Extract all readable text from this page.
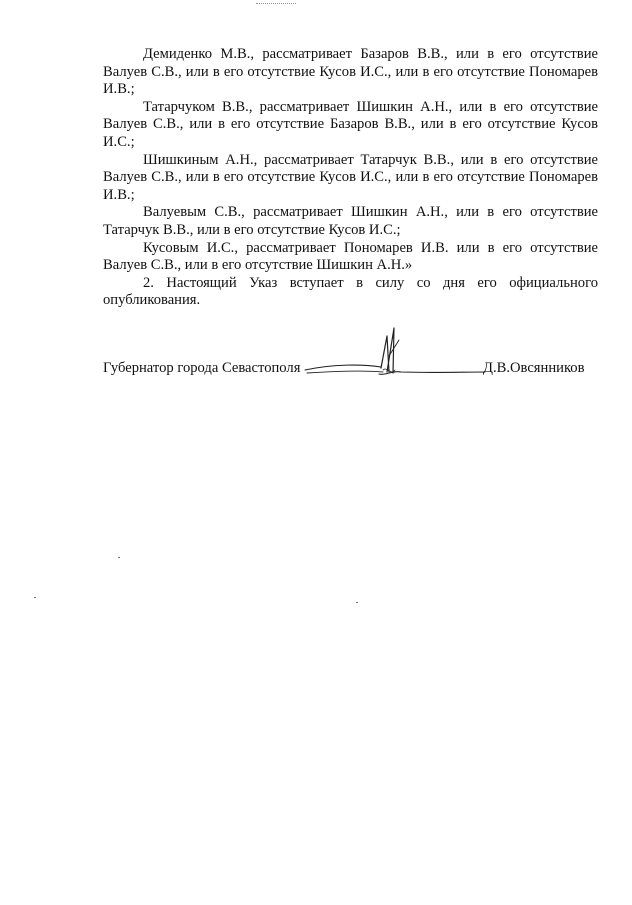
Демиденко М.В., рассматривает Базаров В.В., или в его отсутствие Валуев С.В., или в его отсутствие Кусов И.С., или в его отсутствие Пономарев И.В.;

Татарчуком В.В., рассматривает Шишкин А.Н., или в его отсутствие Валуев С.В., или в его отсутствие Базаров В.В., или в его отсутствие Кусов И.С.;

Шишкиным А.Н., рассматривает Татарчук В.В., или в его отсутствие Валуев С.В., или в его отсутствие Кусов И.С., или в его отсутствие Пономарев И.В.;

Валуевым С.В., рассматривает Шишкин А.Н., или в его отсутствие Татарчук В.В., или в его отсутствие Кусов И.С.;

Кусовым И.С., рассматривает Пономарев И.В. или в его отсутствие Валуев С.В., или в его отсутствие Шишкин А.Н.»

2. Настоящий Указ вступает в силу со дня его официального опубликования.

Губернатор города Севастополя	Д.В.Овсянников
